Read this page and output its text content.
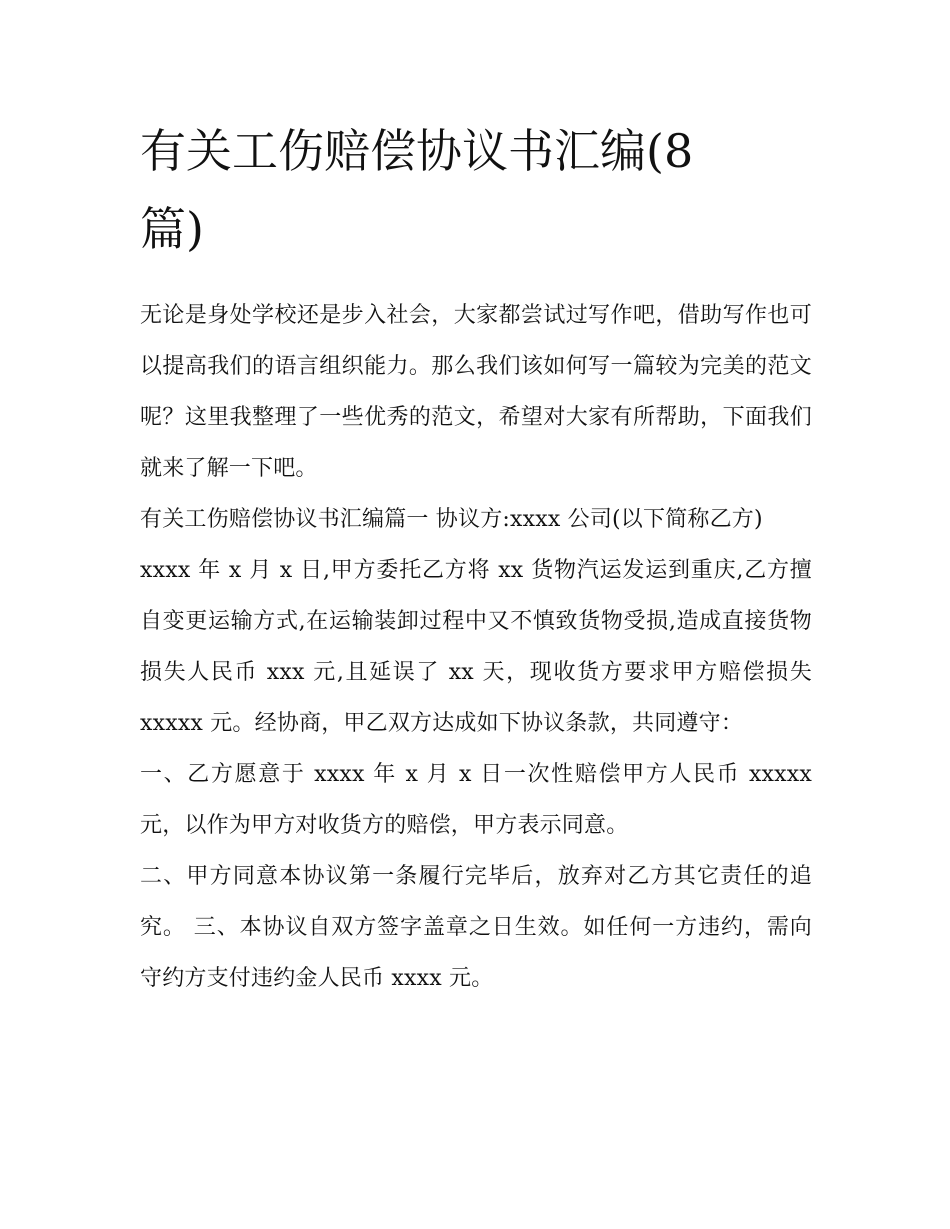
有关工伤赔偿协议书汇编(8篇)

无论是身处学校还是步入社会，大家都尝试过写作吧，借助写作也可以提高我们的语言组织能力。那么我们该如何写一篇较为完美的范文呢？这里我整理了一些优秀的范文，希望对大家有所帮助，下面我们就来了解一下吧。

有关工伤赔偿协议书汇编篇一 协议方:xxxx 公司(以下简称乙方)

xxxx 年 x 月 x 日,甲方委托乙方将 xx 货物汽运发运到重庆,乙方擅自变更运输方式,在运输装卸过程中又不慎致货物受损,造成直接货物损失人民币 xxx 元,且延误了 xx 天，现收货方要求甲方赔偿损失 xxxxx 元。经协商，甲乙双方达成如下协议条款，共同遵守：

一、乙方愿意于 xxxx 年 x 月 x 日一次性赔偿甲方人民币 xxxxx 元，以作为甲方对收货方的赔偿，甲方表示同意。

二、甲方同意本协议第一条履行完毕后，放弃对乙方其它责任的追究。 三、本协议自双方签字盖章之日生效。如任何一方违约，需向守约方支付违约金人民币 xxxx 元。
